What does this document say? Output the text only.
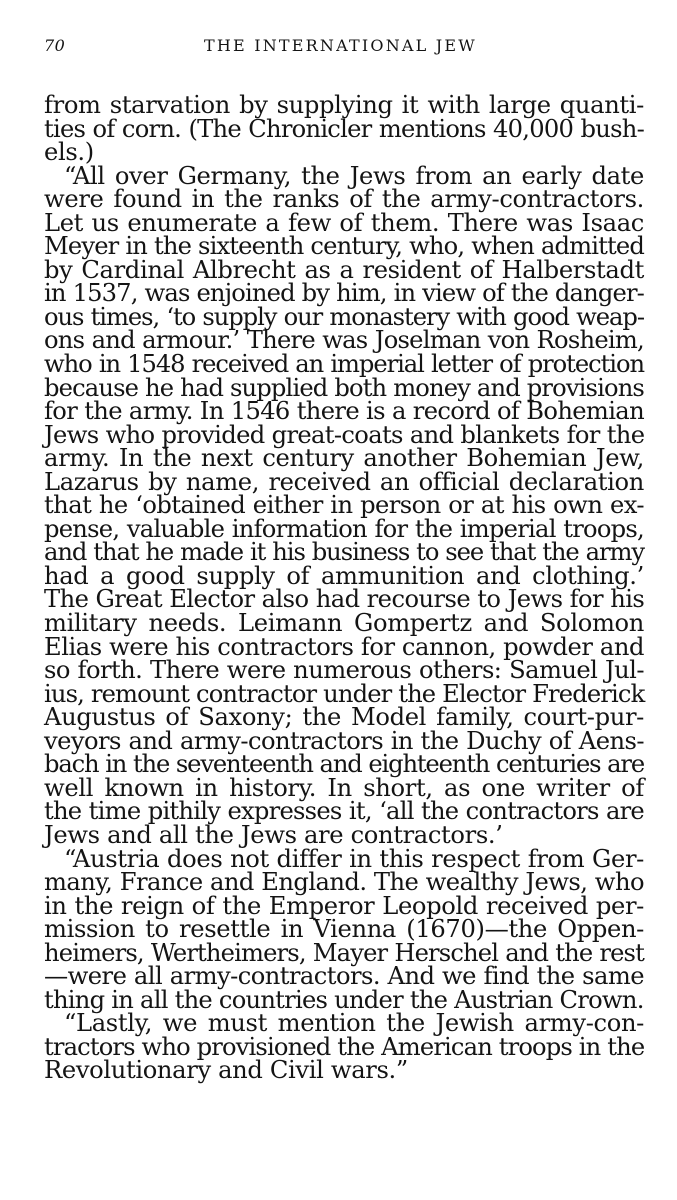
70	THE INTERNATIONAL JEW
from starvation by supplying it with large quanti-
ties of corn. (The Chronicler mentions 40,000 bush-
els.)
“All over Germany, the Jews from an early date
were found in the ranks of the army-contractors.
Let us enumerate a few of them. There was Isaac
Meyer in the sixteenth century, who, when admitted
by Cardinal Albrecht as a resident of Halberstadt
in 1537, was enjoined by him, in view of the danger-
ous times, ‘to supply our monastery with good weap-
ons and armour.’ There was Joselman von Rosheim,
who in 1548 received an imperial letter of protection
because he had supplied both money and provisions
for the army. In 1546 there is a record of Bohemian
Jews who provided great-coats and blankets for the
army. In the next century another Bohemian Jew,
Lazarus by name, received an official declaration
that he ‘obtained either in person or at his own ex-
pense, valuable information for the imperial troops,
and that he made it his business to see that the army
had a good supply of ammunition and clothing.’
The Great Elector also had recourse to Jews for his
military needs. Leimann Gompertz and Solomon
Elias were his contractors for cannon, powder and
so forth. There were numerous others: Samuel Jul-
ius, remount contractor under the Elector Frederick
Augustus of Saxony; the Model family, court-pur-
veyors and army-contractors in the Duchy of Aens-
bach in the seventeenth and eighteenth centuries are
well known in history. In short, as one writer of
the time pithily expresses it, ‘all the contractors are
Jews and all the Jews are contractors.’
“Austria does not differ in this respect from Ger-
many, France and England. The wealthy Jews, who
in the reign of the Emperor Leopold received per-
mission to resettle in Vienna (1670)—the Oppen-
heimers, Wertheimers, Mayer Herschel and the rest
—were all army-contractors. And we find the same
thing in all the countries under the Austrian Crown.
“Lastly, we must mention the Jewish army-con-
tractors who provisioned the American troops in the
Revolutionary and Civil wars.”
